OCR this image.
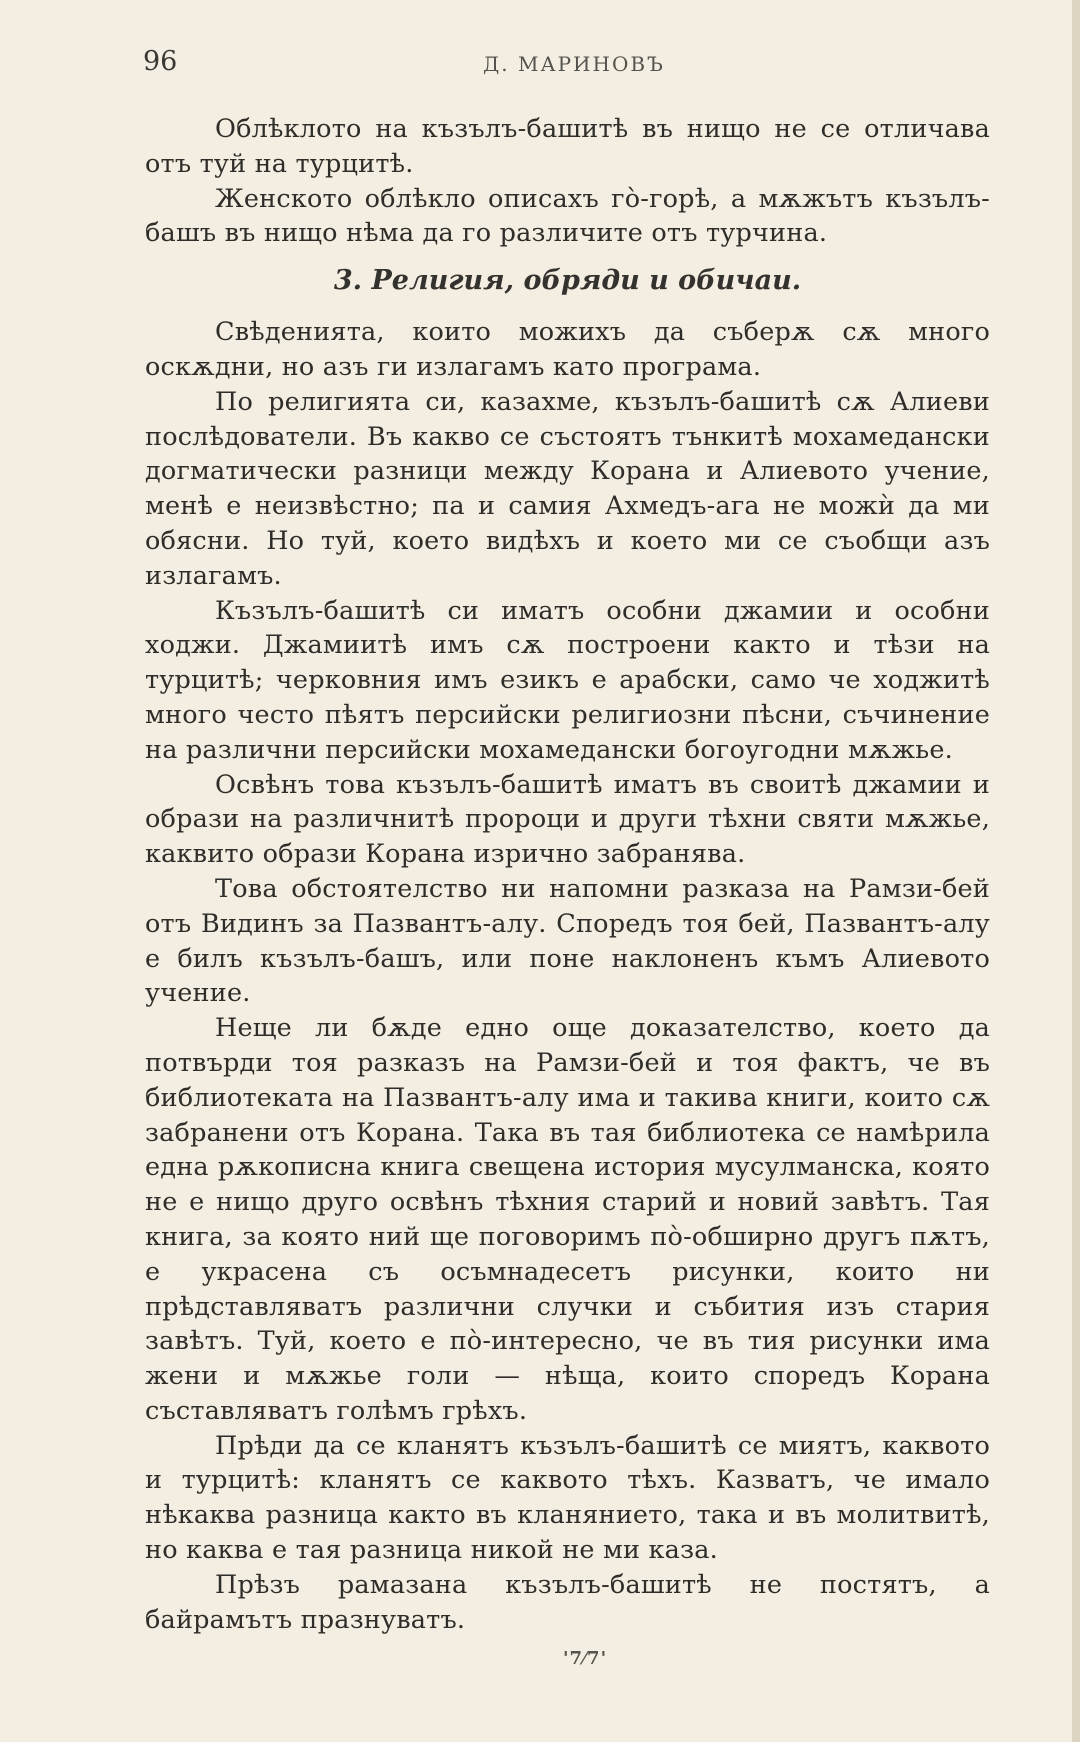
96	Д. МАРИНОВЪ

Облѣклото на къзълъ-башитѣ въ нищо не се отличава отъ туй на турцитѣ.

Женското облѣкло описахъ го̀-горѣ, а мѫжътъ къзълъ-башъ въ нищо нѣма да го различите отъ турчина.

3. Религия, обряди и обичаи.

Свѣденията, които можихъ да съберѫ сѫ много оскѫдни, но азъ ги излагамъ като програма.

По религията си, казахме, къзълъ-башитѣ сѫ Алиеви послѣдователи. Въ какво се състоятъ тънкитѣ мохамедански догматически разници между Корана и Алиевото учение, менѣ е неизвѣстно; па и самия Ахмедъ-ага не можѝ да ми обясни. Но туй, което видѣхъ и което ми се съобщи азъ излагамъ.

Къзълъ-башитѣ си иматъ особни джамии и особни ходжи. Джамиитѣ имъ сѫ построени както и тѣзи на турцитѣ; черковния имъ езикъ е арабски, само че ходжитѣ много често пѣятъ персийски религиозни пѣсни, съчинение на различни персийски мохамедански богоугодни мѫжье.

Освѣнъ това къзълъ-башитѣ иматъ въ своитѣ джамии и образи на различнитѣ пророци и други тѣхни святи мѫжье, каквито образи Корана изрично забранява.

Това обстоятелство ни напомни разказа на Рамзи-бей отъ Видинъ за Пазвантъ-алу. Споредъ тоя бей, Пазвантъ-алу е билъ къзълъ-башъ, или поне наклоненъ къмъ Алиевото учение.

Неще ли бѫде едно още доказателство, което да потвърди тоя разказъ на Рамзи-бей и тоя фактъ, че въ библиотеката на Пазвантъ-алу има и такива книги, които сѫ забранени отъ Корана. Така въ тая библиотека се намѣрила една рѫкописна книга свещена история мусулманска, която не е нищо друго освѣнъ тѣхния старий и новий завѣтъ. Тая книга, за която ний ще поговоримъ по̀-обширно другъ пѫтъ, е украсена съ осъмнадесетъ рисунки, които ни прѣдставляватъ различни случки и събития изъ стария завѣтъ. Туй, което е по̀-интересно, че въ тия рисунки има жени и мѫжье голи — нѣща, които споредъ Корана съставляватъ голѣмъ грѣхъ.

Прѣди да се кланятъ къзълъ-башитѣ се миятъ, каквото и турцитѣ: кланятъ се каквото тѣхъ. Казватъ, че имало нѣкаква разница както въ кланянието, така и въ молитвитѣ, но каква е тая разница никой не ми каза.

Прѣзъ рамазана къзълъ-башитѣ не постятъ, а байрамътъ празнуватъ.

'7⁄7'
